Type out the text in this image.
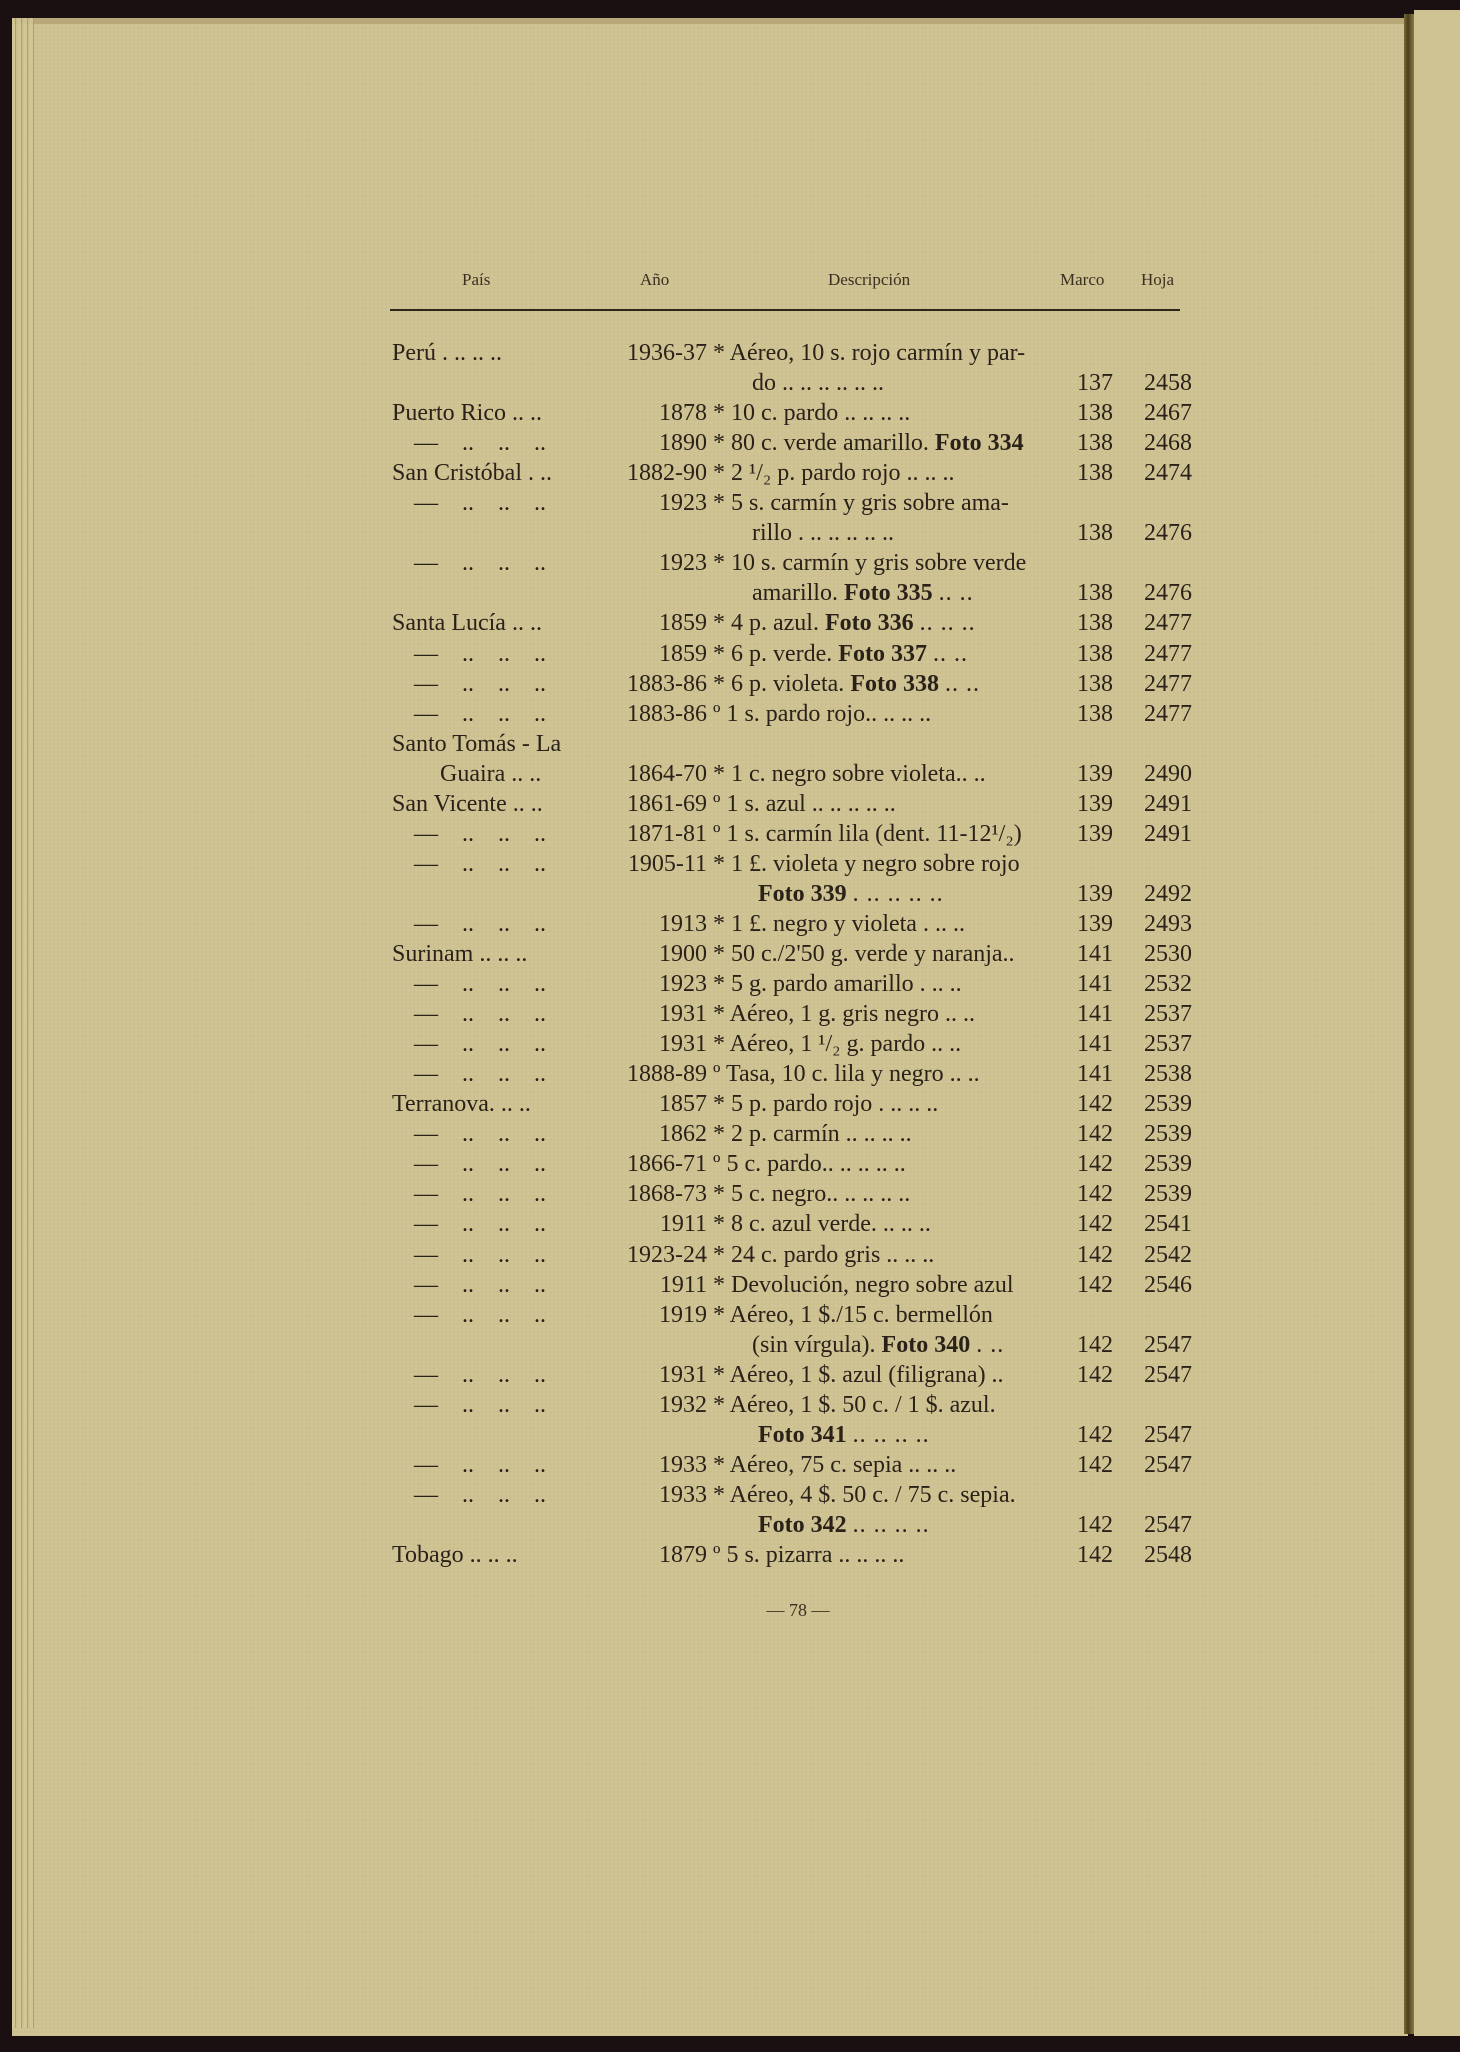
País	Año	Descripción	Marco Hoja
Perú . .. .. ..	1936-37 * Aéreo, 10 s. rojo carmín y par-
do .. .. .. .. .. ..	137 2458
Puerto Rico .. ..	1878 * 10 c. pardo .. .. .. ..	138 2467
— .. .. ..	1890 * 80 c. verde amarillo. Foto 334 138 2468
San Cristóbal . ..	1882-90 * 2 ¹/₂ p. pardo rojo .. .. ..	138 2474
— .. .. ..	1923 * 5 s. carmín y gris sobre ama-
rillo . .. .. .. .. ..	138 2476
— .. .. ..	1923 * 10 s. carmín y gris sobre verde
amarillo. Foto 335 .. ..	138 2476
Santa Lucía .. ..	1859 * 4 p. azul. Foto 336 .. .. ..	138 2477
— .. .. ..	1859 * 6 p. verde. Foto 337 .. ..	138 2477
— .. .. ..	1883-86 * 6 p. violeta. Foto 338 .. ..	138 2477
— .. .. ..	1883-86 º 1 s. pardo rojo.. .. .. ..	138 2477
Santo Tomás - La
Guaira .. ..	1864-70 * 1 c. negro sobre violeta.. ..	139 2490
San Vicente .. ..	1861-69 º 1 s. azul .. .. .. .. ..	139 2491
— .. .. ..	1871-81 º 1 s. carmín lila (dent. 11-12¹/₂) 139 2491
— .. .. ..	1905-11 * 1 £. violeta y negro sobre rojo
Foto 339 . .. .. .. ..	139 2492
— .. .. ..	1913 * 1 £. negro y violeta . .. ..	139 2493
Surinam .. .. ..	1900 * 50 c./2'50 g. verde y naranja..	141 2530
— .. .. ..	1923 * 5 g. pardo amarillo . .. ..	141 2532
— .. .. ..	1931 * Aéreo, 1 g. gris negro .. ..	141 2537
— .. .. ..	1931 * Aéreo, 1 ¹/₂ g. pardo .. ..	141 2537
— .. .. ..	1888-89 º Tasa, 10 c. lila y negro .. ..	141 2538
Terranova. .. ..	1857 * 5 p. pardo rojo . .. .. ..	142 2539
— .. .. ..	1862 * 2 p. carmín .. .. .. ..	142 2539
— .. .. ..	1866-71 º 5 c. pardo.. .. .. .. ..	142 2539
— .. .. ..	1868-73 * 5 c. negro.. .. .. .. ..	142 2539
— .. .. ..	1911 * 8 c. azul verde. .. .. ..	142 2541
— .. .. ..	1923-24 * 24 c. pardo gris .. .. ..	142 2542
— .. .. ..	1911 * Devolución, negro sobre azul	142 2546
— .. .. ..	1919 * Aéreo, 1 $./15 c. bermellón
(sin vírgula). Foto 340 . ..	142 2547
— .. .. ..	1931 * Aéreo, 1 $. azul (filigrana) ..	142 2547
— .. .. ..	1932 * Aéreo, 1 $. 50 c. / 1 $. azul.
Foto 341 .. .. .. ..	142 2547
— .. .. ..	1933 * Aéreo, 75 c. sepia .. .. ..	142 2547
— .. .. ..	1933 * Aéreo, 4 $. 50 c. / 75 c. sepia.
Foto 342 .. .. .. ..	142 2547
Tobago .. .. ..	1879 º 5 s. pizarra .. .. .. ..	142 2548
— 78 —
